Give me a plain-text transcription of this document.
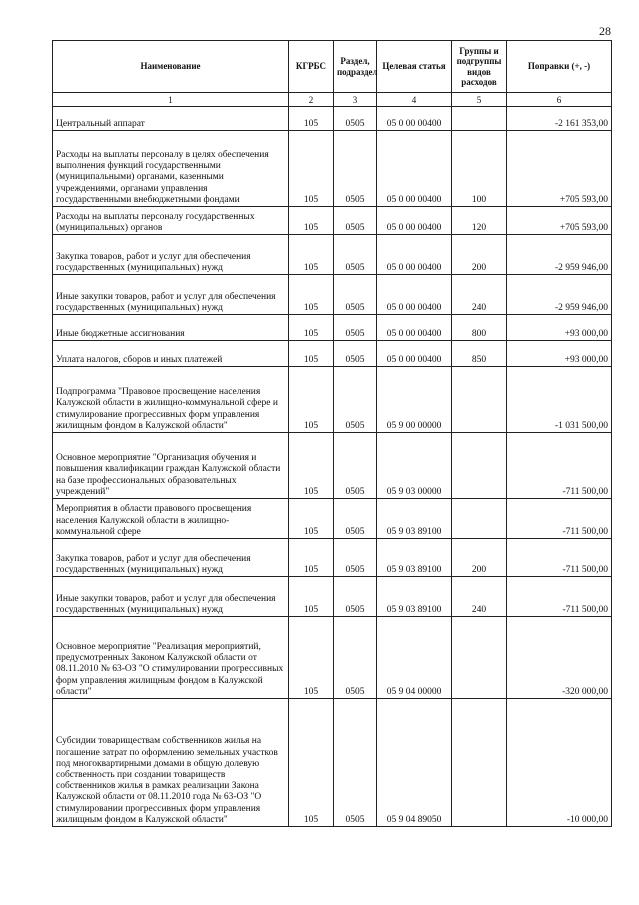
28
Наименование	КГРБС	Раздел, подраздел	Целевая статья	Группы и подгруппы видов расходов	Поправки (+, -)
1	2	3	4	5	6
Центральный аппарат	105	0505	05 0 00 00400		-2 161 353,00
Расходы на выплаты персоналу в целях обеспечения выполнения функций государственными (муниципальными) органами, казенными учреждениями, органами управления государственными внебюджетными фондами	105	0505	05 0 00 00400	100	+705 593,00
Расходы на выплаты персоналу государственных (муниципальных) органов	105	0505	05 0 00 00400	120	+705 593,00
Закупка товаров, работ и услуг для обеспечения государственных (муниципальных) нужд	105	0505	05 0 00 00400	200	-2 959 946,00
Иные закупки товаров, работ и услуг для обеспечения государственных (муниципальных) нужд	105	0505	05 0 00 00400	240	-2 959 946,00
Иные бюджетные ассигнования	105	0505	05 0 00 00400	800	+93 000,00
Уплата налогов, сборов и иных платежей	105	0505	05 0 00 00400	850	+93 000,00
Подпрограмма "Правовое просвещение населения Калужской области в жилищно-коммунальной сфере и стимулирование прогрессивных форм управления жилищным фондом в Калужской области"	105	0505	05 9 00 00000		-1 031 500,00
Основное мероприятие "Организация обучения и повышения квалификации граждан Калужской области на базе профессиональных образовательных учреждений"	105	0505	05 9 03 00000		-711 500,00
Мероприятия в области правового просвещения населения Калужской области в жилищно-коммунальной сфере	105	0505	05 9 03 89100		-711 500,00
Закупка товаров, работ и услуг для обеспечения государственных (муниципальных) нужд	105	0505	05 9 03 89100	200	-711 500,00
Иные закупки товаров, работ и услуг для обеспечения государственных (муниципальных) нужд	105	0505	05 9 03 89100	240	-711 500,00
Основное мероприятие "Реализация мероприятий, предусмотренных Законом Калужской области от 08.11.2010 № 63-ОЗ "О стимулировании прогрессивных форм управления жилищным фондом в Калужской области"	105	0505	05 9 04 00000		-320 000,00
Субсидии товариществам собственников жилья на погашение затрат по оформлению земельных участков под многоквартирными домами в общую долевую собственность при создании товариществ собственников жилья в рамках реализации Закона Калужской области от 08.11.2010 года № 63-ОЗ "О стимулировании прогрессивных форм управления жилищным фондом в Калужской области"	105	0505	05 9 04 89050		-10 000,00
